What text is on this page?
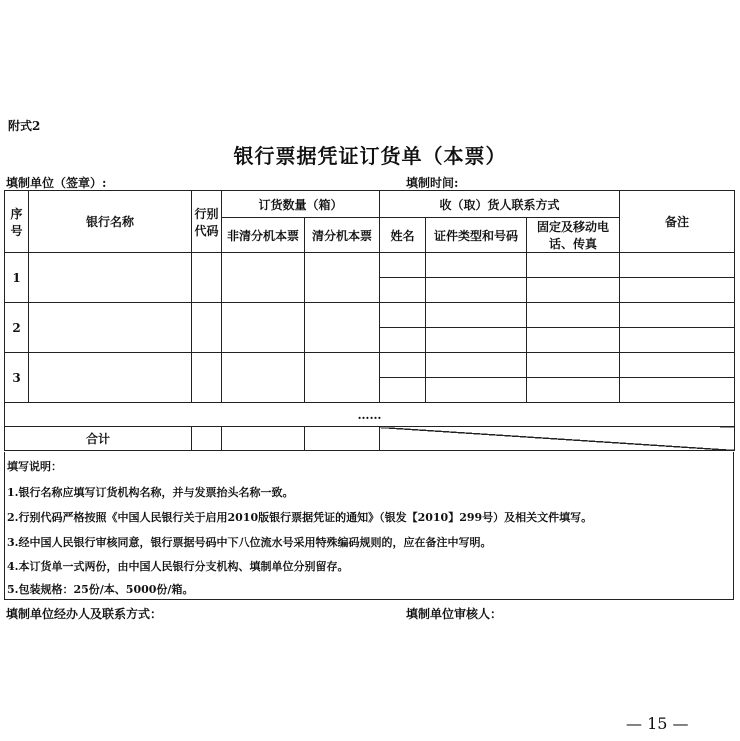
附式2
银行票据凭证订货单（本票）
填制单位（签章）:	填制时间:
序号	银行名称	行别代码	订货数量（箱）		收（取）货人联系方式			备注
			非清分机本票	清分机本票	姓名	证件类型和号码	固定及移动电话、传真	
1								

2								

3								

……								
合计								
填写说明：
1.银行名称应填写订货机构名称，并与发票抬头名称一致。
2.行别代码严格按照《中国人民银行关于启用2010版银行票据凭证的通知》（银发【2010】299号）及相关文件填写。
3.经中国人民银行审核同意，银行票据号码中下八位流水号采用特殊编码规则的，应在备注中写明。
4.本订货单一式两份，由中国人民银行分支机构、填制单位分别留存。
5.包装规格：25份/本、5000份/箱。
填制单位经办人及联系方式：	填制单位审核人：
— 15 —
